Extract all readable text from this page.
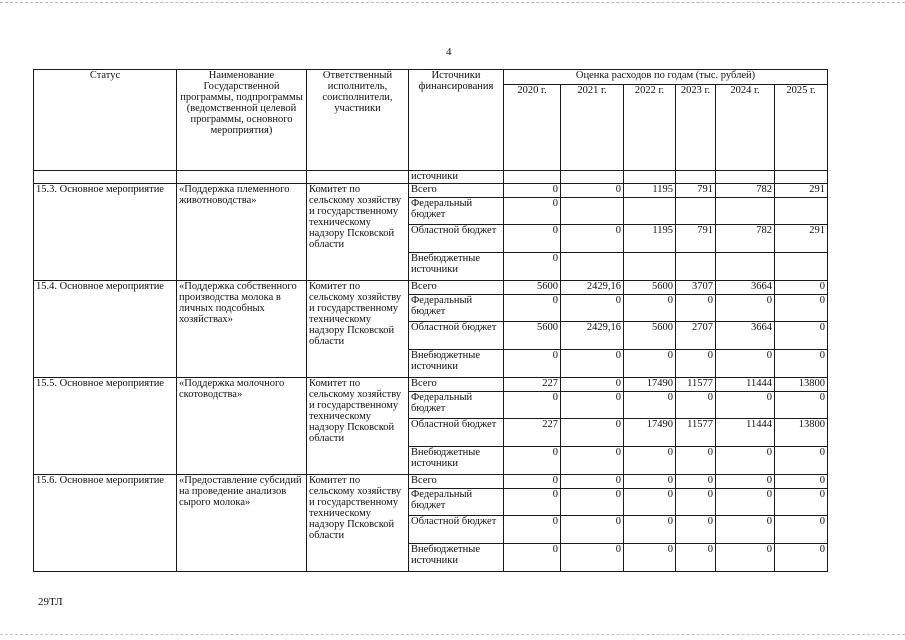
4
Статус	Наименование Государственной программы, подпрограммы (ведомственной целевой программы, основного мероприятия)	Ответственный исполнитель, соисполнители, участники	Источники финансирования	Оценка расходов по годам (тыс. рублей)					
				2020 г.	2021 г.	2022 г.	2023 г.	2024 г.	2025 г.
			источники						
15.3. Основное мероприятие	«Поддержка племенного животноводства»	Комитет по сельскому хозяйству и государственному техническому надзору Псковской области	Всего	0	0	1195	791	782	291
			Федеральный бюджет	0					
			Областной бюджет	0	0	1195	791	782	291
			Внебюджетные источники	0					
15.4. Основное мероприятие	«Поддержка собственного производства молока в личных подсобных хозяйствах»	Комитет по сельскому хозяйству и государственному техническому надзору Псковской области	Всего	5600	2429,16	5600	3707	3664	0
			Федеральный бюджет	0	0	0	0	0	0
			Областной бюджет	5600	2429,16	5600	2707	3664	0
			Внебюджетные источники	0	0	0	0	0	0
15.5. Основное мероприятие	«Поддержка молочного скотоводства»	Комитет по сельскому хозяйству и государственному техническому надзору Псковской области	Всего	227	0	17490	11577	11444	13800
			Федеральный бюджет	0	0	0	0	0	0
			Областной бюджет	227	0	17490	11577	11444	13800
			Внебюджетные источники	0	0	0	0	0	0
15.6. Основное мероприятие	«Предоставление субсидий на проведение анализов сырого молока»	Комитет по сельскому хозяйству и государственному техническому надзору Псковской области	Всего	0	0	0	0	0	0
			Федеральный бюджет	0	0	0	0	0	0
			Областной бюджет	0	0	0	0	0	0
			Внебюджетные источники	0	0	0	0	0	0
29ТЛ
